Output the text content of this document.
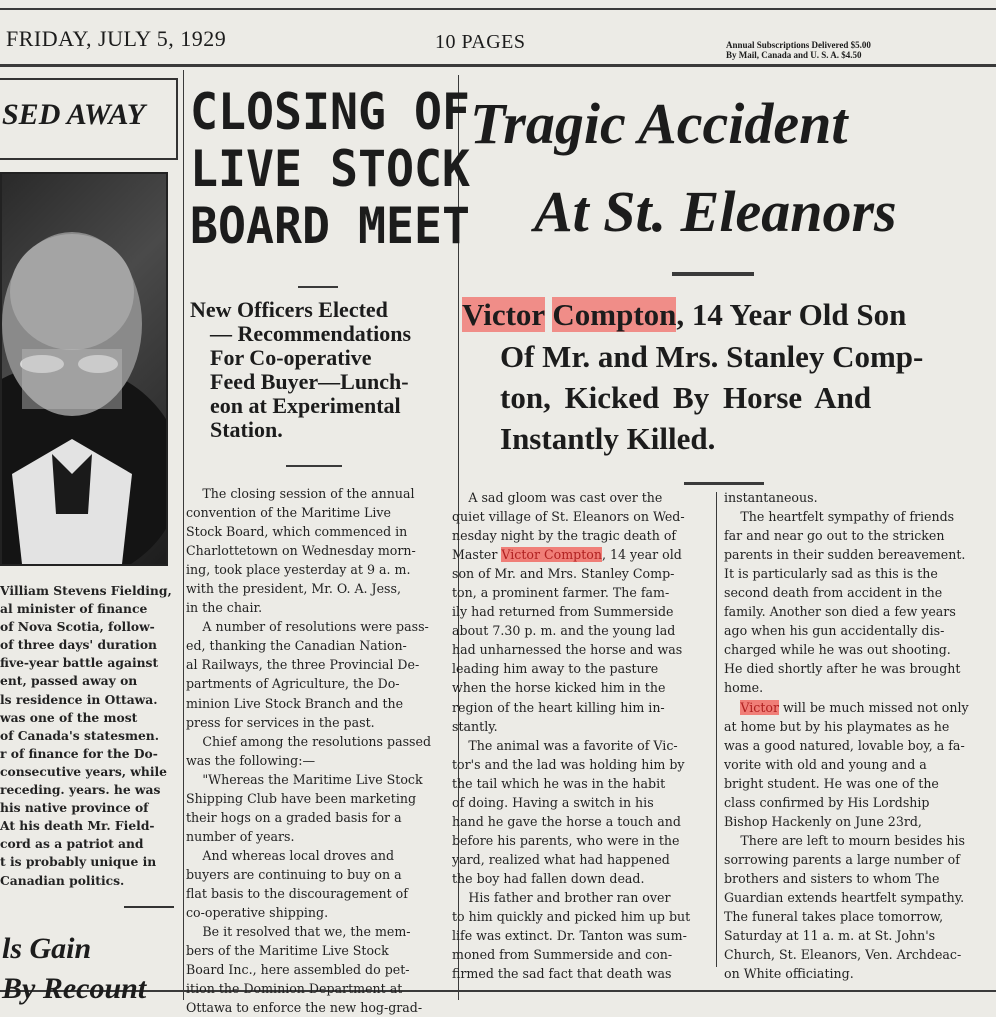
FRIDAY, JULY 5, 1929	10 PAGES	Annual Subscriptions Delivered $5.00
By Mail, Canada and U. S. A. $4.50
SED AWAY
Villiam Stevens Fielding,
al minister of finance
of Nova Scotia, follow-
of three days' duration
five-year battle against
ent, passed away on
ls residence in Ottawa.
was one of the most
of Canada's statesmen.
r of finance for the Do-
consecutive years, while
receding. years. he was
his native province of
At his death Mr. Field-
cord as a patriot and
t is probably unique in
Canadian politics.
ls Gain
By Recount
CLOSING OF
LIVE STOCK
BOARD MEET
New Officers Elected
— Recommendations
For Co-operative
Feed Buyer—Lunch-
eon at Experimental
Station.
The closing session of the annual
convention of the Maritime Live
Stock Board, which commenced in
Charlottetown on Wednesday morn-
ing, took place yesterday at 9 a. m.
with the president, Mr. O. A. Jess,
in the chair.
A number of resolutions were pass-
ed, thanking the Canadian Nation-
al Railways, the three Provincial De-
partments of Agriculture, the Do-
minion Live Stock Branch and the
press for services in the past.
Chief among the resolutions passed
was the following:—
"Whereas the Maritime Live Stock
Shipping Club have been marketing
their hogs on a graded basis for a
number of years.
And whereas local droves and
buyers are continuing to buy on a
flat basis to the discouragement of
co-operative shipping.
Be it resolved that we, the mem-
bers of the Maritime Live Stock
Board Inc., here assembled do pet-
ition the Dominion Department at
Ottawa to enforce the new hog-grad-
Tragic Accident
At St. Eleanors
Victor Compton, 14 Year Old Son
Of Mr. and Mrs. Stanley Comp-
ton, Kicked By Horse And
Instantly Killed.
A sad gloom was cast over the
quiet village of St. Eleanors on Wed-
nesday night by the tragic death of
Master Victor Compton, 14 year old
son of Mr. and Mrs. Stanley Comp-
ton, a prominent farmer. The fam-
ily had returned from Summerside
about 7.30 p. m. and the young lad
had unharnessed the horse and was
leading him away to the pasture
when the horse kicked him in the
region of the heart killing him in-
stantly.
The animal was a favorite of Vic-
tor's and the lad was holding him by
the tail which he was in the habit
of doing. Having a switch in his
hand he gave the horse a touch and
before his parents, who were in the
yard, realized what had happened
the boy had fallen down dead.
His father and brother ran over
to him quickly and picked him up but
life was extinct. Dr. Tanton was sum-
moned from Summerside and con-
firmed the sad fact that death was
instantaneous.
The heartfelt sympathy of friends
far and near go out to the stricken
parents in their sudden bereavement.
It is particularly sad as this is the
second death from accident in the
family. Another son died a few years
ago when his gun accidentally dis-
charged while he was out shooting.
He died shortly after he was brought
home.
Victor will be much missed not only
at home but by his playmates as he
was a good natured, lovable boy, a fa-
vorite with old and young and a
bright student. He was one of the
class confirmed by His Lordship
Bishop Hackenly on June 23rd,
There are left to mourn besides his
sorrowing parents a large number of
brothers and sisters to whom The
Guardian extends heartfelt sympathy.
The funeral takes place tomorrow,
Saturday at 11 a. m. at St. John's
Church, St. Eleanors, Ven. Archdeac-
on White officiating.
